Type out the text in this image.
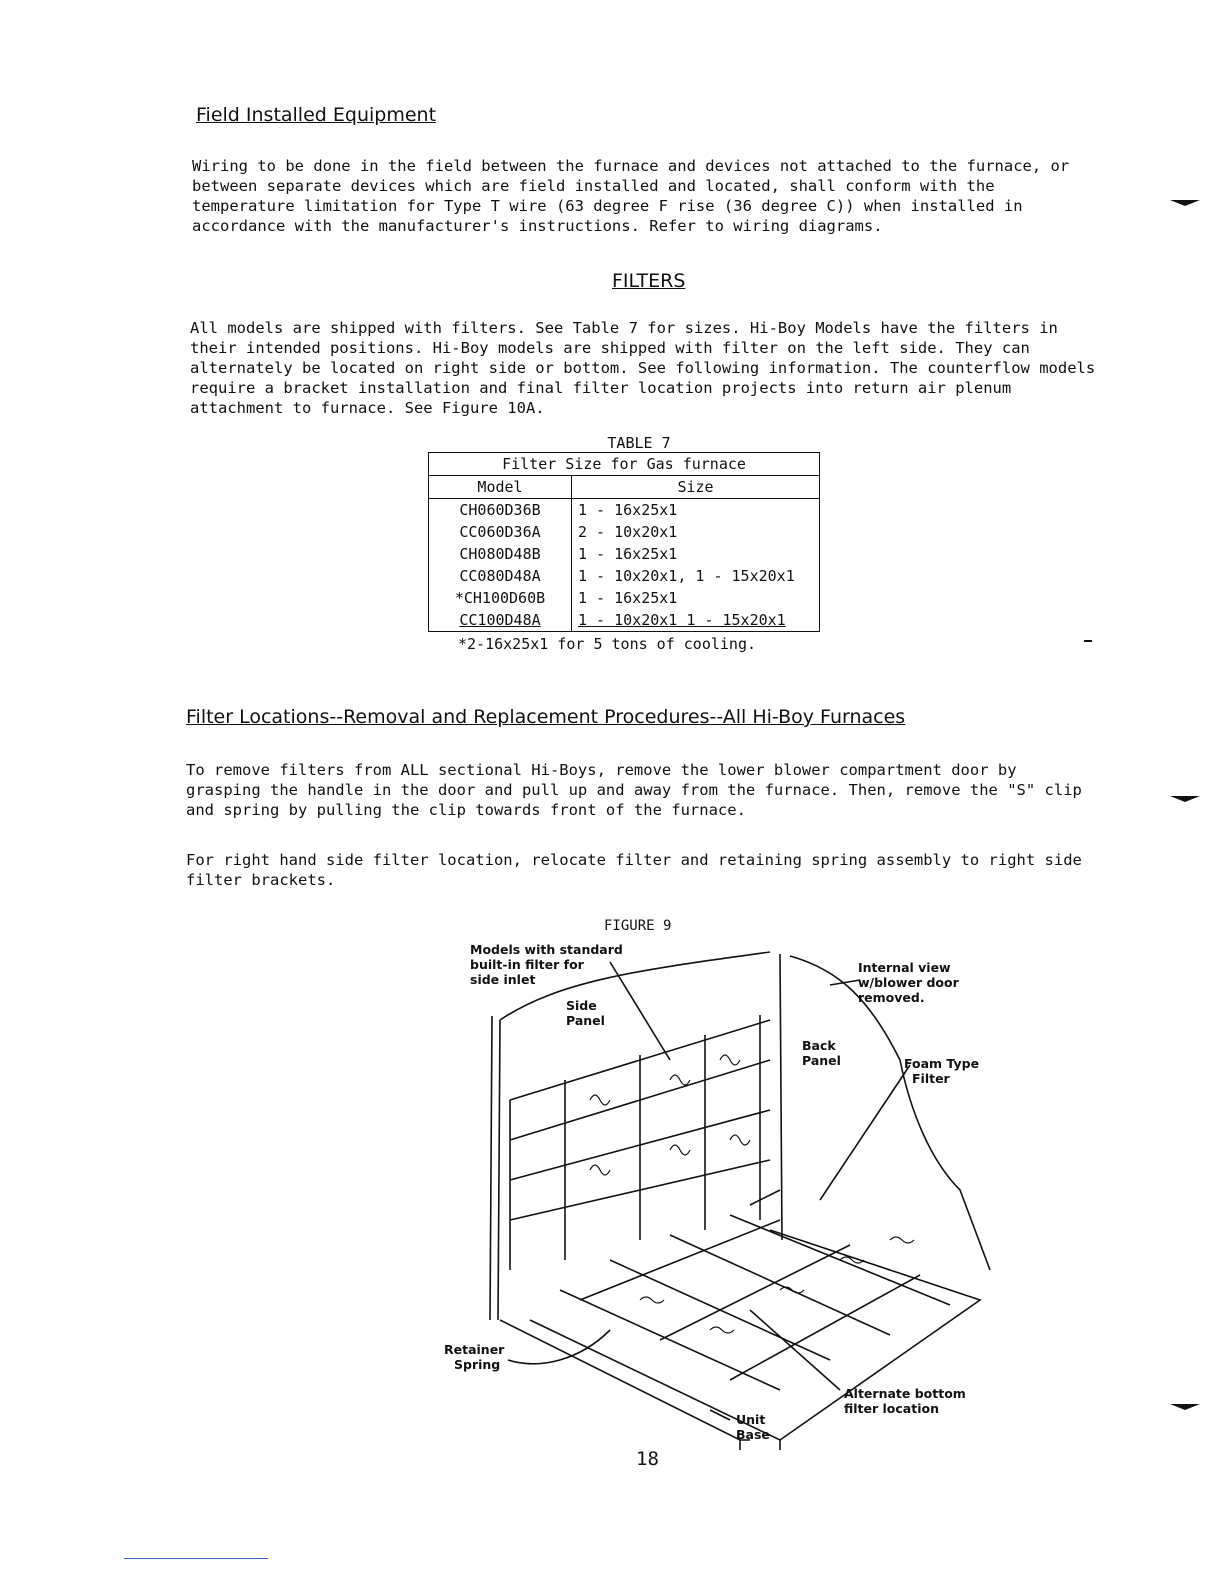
Field Installed Equipment
Wiring to be done in the field between the furnace and devices not attached to the furnace, or between separate devices which are field installed and located, shall conform with the temperature limitation for Type T wire (63 degree F rise (36 degree C)) when installed in accordance with the manufacturer's instructions. Refer to wiring diagrams.
FILTERS
All models are shipped with filters. See Table 7 for sizes. Hi-Boy Models have the filters in their intended positions. Hi-Boy models are shipped with filter on the left side. They can alternately be located on right side or bottom. See following information. The counterflow models require a bracket installation and final filter location projects into return air plenum attachment to furnace. See Figure 10A.
TABLE 7
Filter Size for Gas furnace	
Model	Size
CH060D36B	1 - 16x25x1
CC060D36A	2 - 10x20x1
CH080D48B	1 - 16x25x1
CC080D48A	1 - 10x20x1, 1 - 15x20x1
*CH100D60B	1 - 16x25x1
CC100D48A	1 - 10x20x1 1 - 15x20x1
*2-16x25x1 for 5 tons of cooling.
Filter Locations--Removal and Replacement Procedures--All Hi-Boy Furnaces
To remove filters from ALL sectional Hi-Boys, remove the lower blower compartment door by grasping the handle in the door and pull up and away from the furnace. Then, remove the "S" clip and spring by pulling the clip towards front of the furnace.
For right hand side filter location, relocate filter and retaining spring assembly to right side filter brackets.
FIGURE 9
Models with standard
built-in filter for
side inlet
Internal view
w/blower door
removed.
Side
Panel
Back
Panel	Foam Type
Filter
Retainer
Spring
Alternate bottom
filter location
Unit
Base
18
